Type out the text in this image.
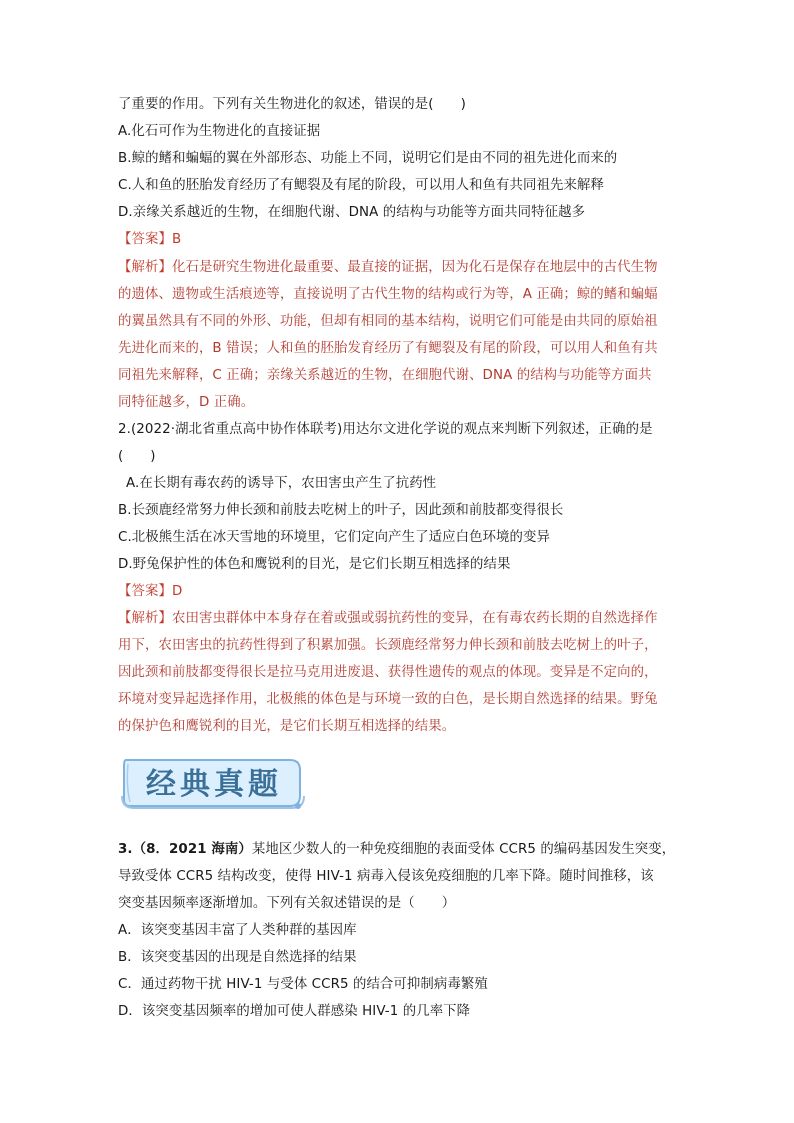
了重要的作用。下列有关生物进化的叙述，错误的是(　　)
A.化石可作为生物进化的直接证据
B.鲸的鳍和蝙蝠的翼在外部形态、功能上不同，说明它们是由不同的祖先进化而来的
C.人和鱼的胚胎发育经历了有鳃裂及有尾的阶段，可以用人和鱼有共同祖先来解释
D.亲缘关系越近的生物，在细胞代谢、DNA 的结构与功能等方面共同特征越多
【答案】B
【解析】化石是研究生物进化最重要、最直接的证据，因为化石是保存在地层中的古代生物
的遗体、遗物或生活痕迹等，直接说明了古代生物的结构或行为等，A 正确；鲸的鳍和蝙蝠
的翼虽然具有不同的外形、功能，但却有相同的基本结构，说明它们可能是由共同的原始祖
先进化而来的，B 错误；人和鱼的胚胎发育经历了有鳃裂及有尾的阶段，可以用人和鱼有共
同祖先来解释，C 正确；亲缘关系越近的生物，在细胞代谢、DNA 的结构与功能等方面共
同特征越多，D 正确。
2.(2022·湖北省重点高中协作体联考)用达尔文进化学说的观点来判断下列叙述，正确的是
(　　)
A.在长期有毒农药的诱导下，农田害虫产生了抗药性
B.长颈鹿经常努力伸长颈和前肢去吃树上的叶子，因此颈和前肢都变得很长
C.北极熊生活在冰天雪地的环境里，它们定向产生了适应白色环境的变异
D.野兔保护性的体色和鹰锐利的目光，是它们长期互相选择的结果
【答案】D
【解析】农田害虫群体中本身存在着或强或弱抗药性的变异，在有毒农药长期的自然选择作
用下，农田害虫的抗药性得到了积累加强。长颈鹿经常努力伸长颈和前肢去吃树上的叶子，
因此颈和前肢都变得很长是拉马克用进废退、获得性遗传的观点的体现。变异是不定向的，
环境对变异起选择作用，北极熊的体色是与环境一致的白色，是长期自然选择的结果。野兔
的保护色和鹰锐利的目光，是它们长期互相选择的结果。
经典真题
3.（8．2021 海南）某地区少数人的一种免疫细胞的表面受体 CCR5 的编码基因发生突变，
导致受体 CCR5 结构改变，使得 HIV-1 病毒入侵该免疫细胞的几率下降。随时间推移，该
突变基因频率逐渐增加。下列有关叙述错误的是（　　）
A．该突变基因丰富了人类种群的基因库
B．该突变基因的出现是自然选择的结果
C．通过药物干扰 HIV-1 与受体 CCR5 的结合可抑制病毒繁殖
D．该突变基因频率的增加可使人群感染 HIV-1 的几率下降
